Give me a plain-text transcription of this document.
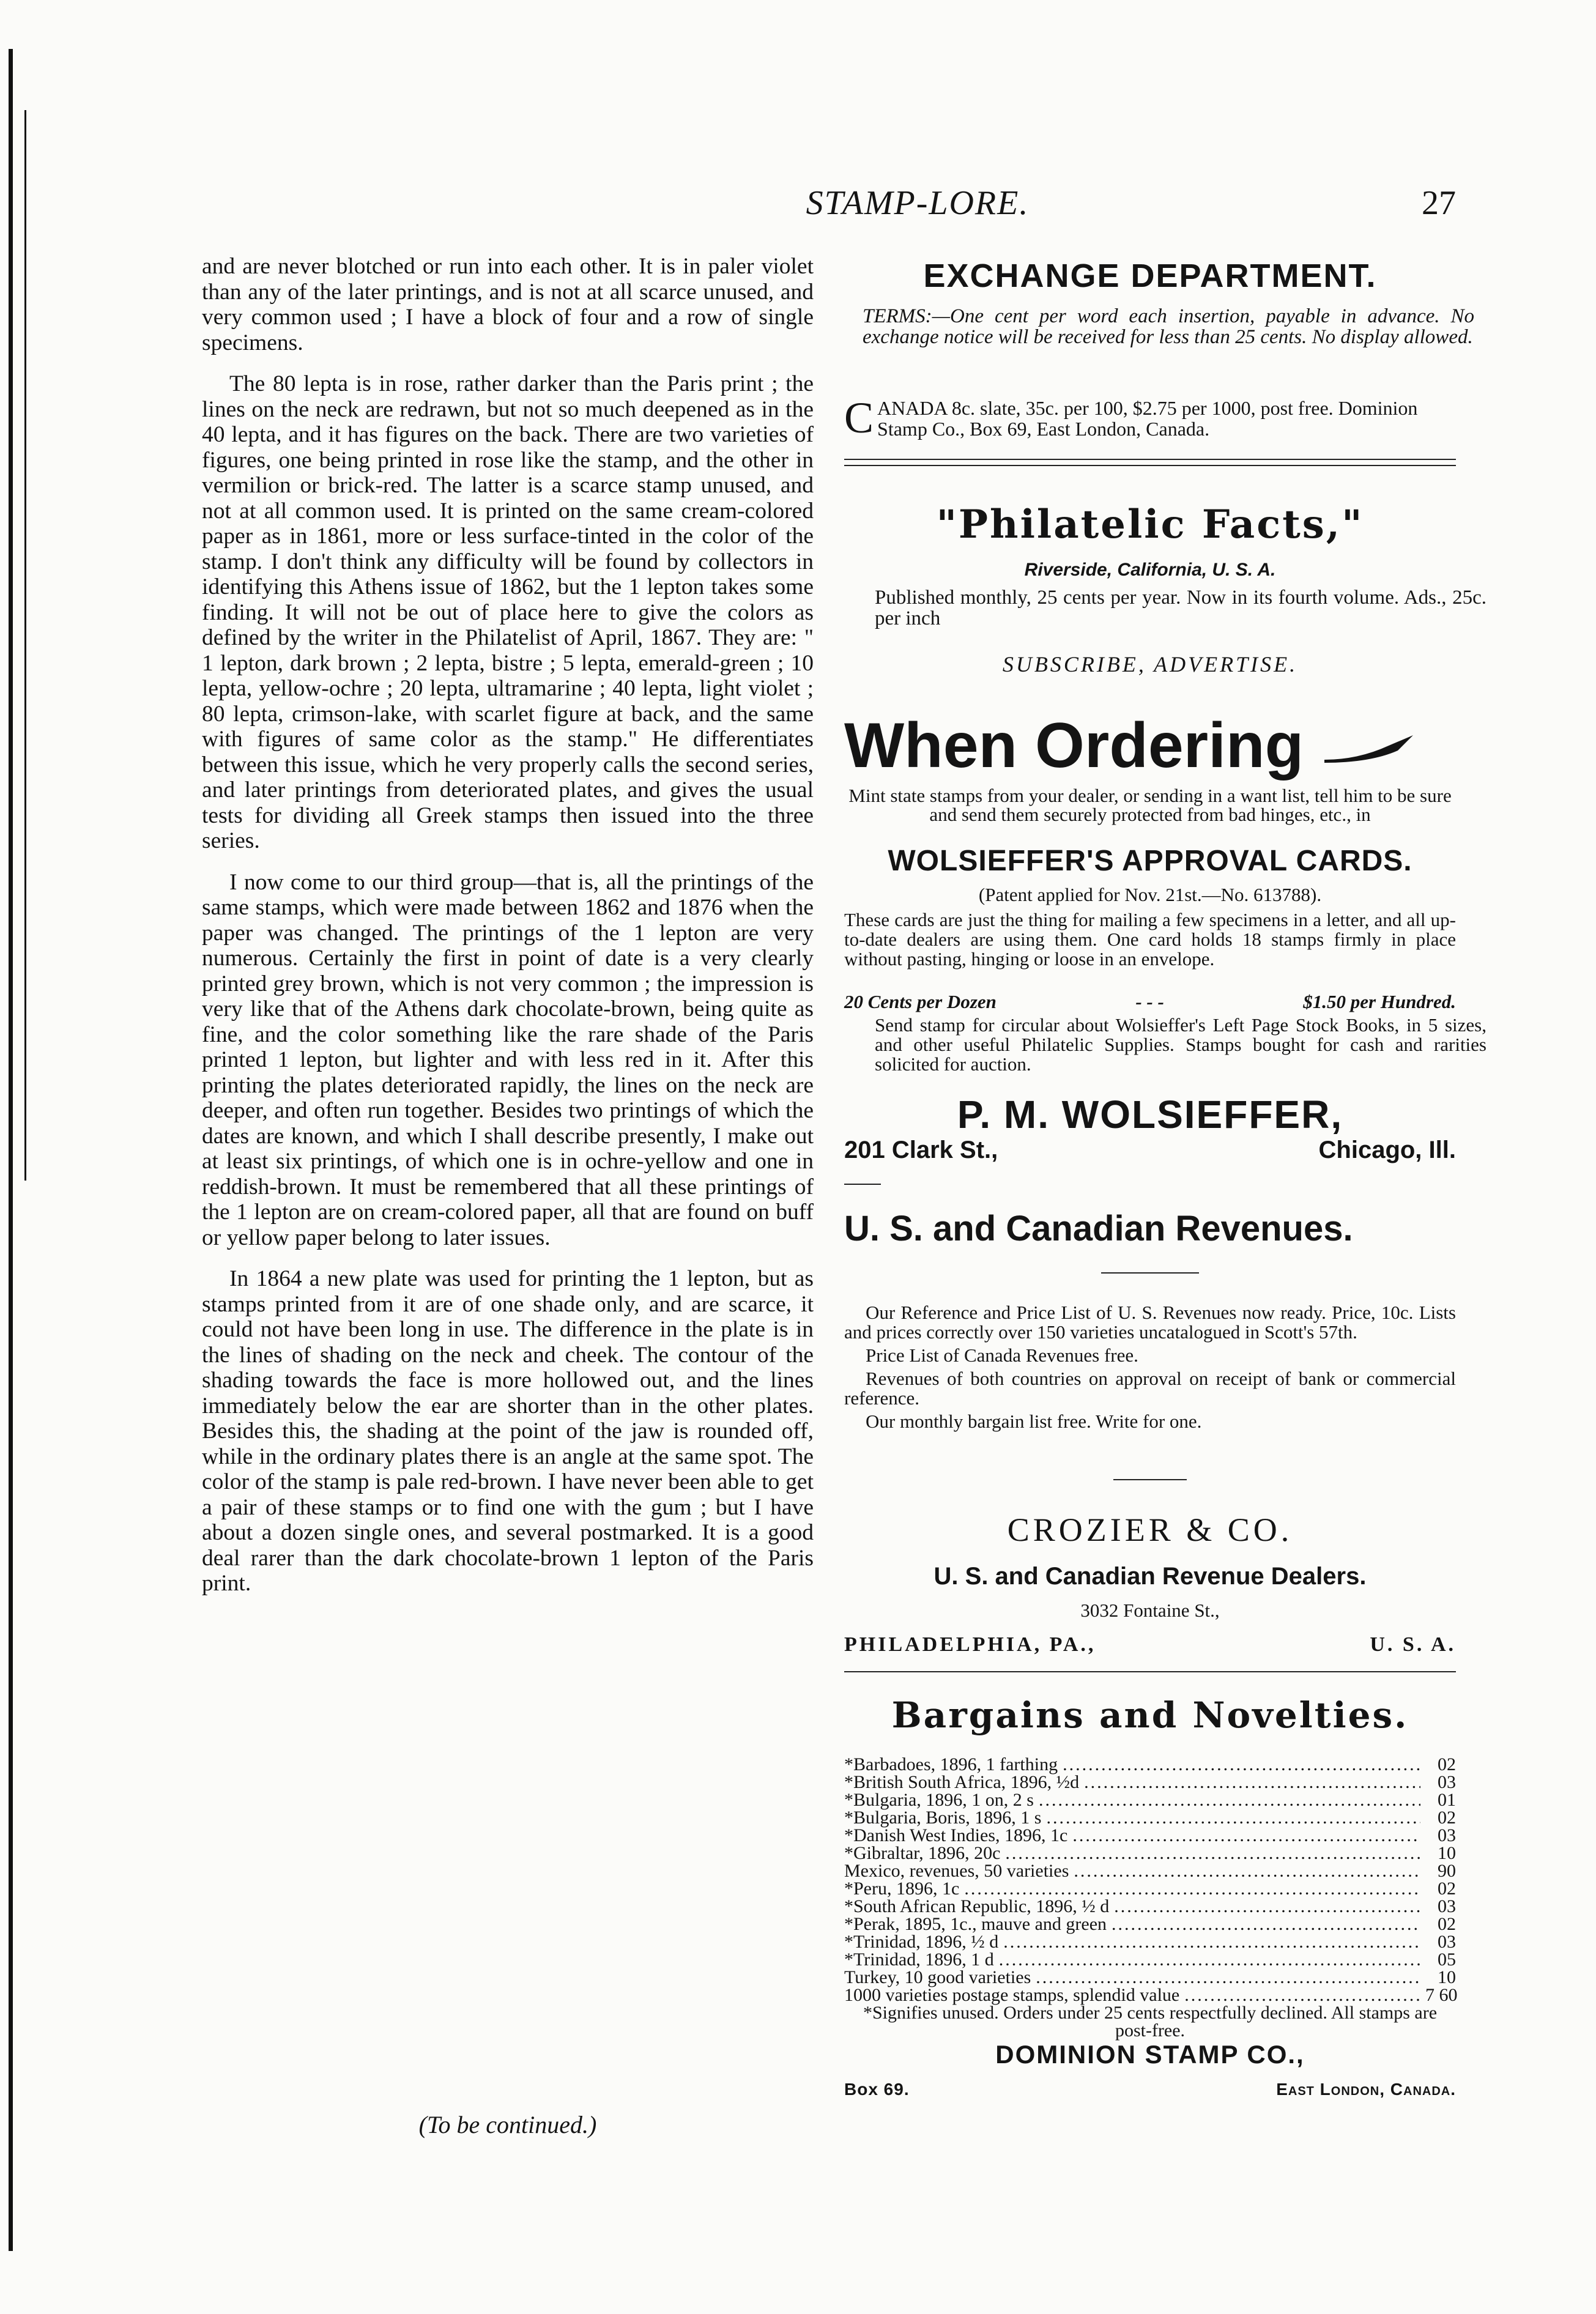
STAMP-LORE.	27

and are never blotched or run into each other. It is in paler violet than any of the later printings, and is not at all scarce unused, and very common used ; I have a block of four and a row of single specimens.

The 80 lepta is in rose, rather darker than the Paris print ; the lines on the neck are redrawn, but not so much deepened as in the 40 lepta, and it has figures on the back. There are two varieties of figures, one being printed in rose like the stamp, and the other in vermilion or brick-red. The latter is a scarce stamp unused, and not at all common used. It is printed on the same cream-colored paper as in 1861, more or less surface-tinted in the color of the stamp. I don't think any difficulty will be found by collectors in identifying this Athens issue of 1862, but the 1 lepton takes some finding. It will not be out of place here to give the colors as defined by the writer in the Philatelist of April, 1867. They are: " 1 lepton, dark brown ; 2 lepta, bistre ; 5 lepta, emerald-green ; 10 lepta, yellow-ochre ; 20 lepta, ultramarine ; 40 lepta, light violet ; 80 lepta, crimson-lake, with scarlet figure at back, and the same with figures of same color as the stamp." He differentiates between this issue, which he very properly calls the second series, and later printings from deteriorated plates, and gives the usual tests for dividing all Greek stamps then issued into the three series.

I now come to our third group—that is, all the printings of the same stamps, which were made between 1862 and 1876 when the paper was changed. The printings of the 1 lepton are very numerous. Certainly the first in point of date is a very clearly printed grey brown, which is not very common ; the impression is very like that of the Athens dark chocolate-brown, being quite as fine, and the color something like the rare shade of the Paris printed 1 lepton, but lighter and with less red in it. After this printing the plates deteriorated rapidly, the lines on the neck are deeper, and often run together. Besides two printings of which the dates are known, and which I shall describe presently, I make out at least six printings, of which one is in ochre-yellow and one in reddish-brown. It must be remembered that all these printings of the 1 lepton are on cream-colored paper, all that are found on buff or yellow paper belong to later issues.

In 1864 a new plate was used for printing the 1 lepton, but as stamps printed from it are of one shade only, and are scarce, it could not have been long in use. The difference in the plate is in the lines of shading on the neck and cheek. The contour of the shading towards the face is more hollowed out, and the lines immediately below the ear are shorter than in the other plates. Besides this, the shading at the point of the jaw is rounded off, while in the ordinary plates there is an angle at the same spot. The color of the stamp is pale red-brown. I have never been able to get a pair of these stamps or to find one with the gum ; but I have about a dozen single ones, and several postmarked. It is a good deal rarer than the dark chocolate-brown 1 lepton of the Paris print.

(To be continued.)
EXCHANGE DEPARTMENT.
TERMS:—One cent per word each insertion, payable in advance. No exchange notice will be received for less than 25 cents. No display allowed.
CANADA 8c. slate, 35c. per 100, $2.75 per 1000, post free. Dominion Stamp Co., Box 69, East London, Canada.
"Philatelic Facts,"
Riverside, California, U. S. A.
Published monthly, 25 cents per year. Now in its fourth volume. Ads., 25c. per inch
SUBSCRIBE, ADVERTISE.
When Ordering
Mint state stamps from your dealer, or sending in a want list, tell him to be sure and send them securely protected from bad hinges, etc., in
WOLSIEFFER'S APPROVAL CARDS.
(Patent applied for Nov. 21st.—No. 613788).
These cards are just the thing for mailing a few specimens in a letter, and all up-to-date dealers are using them. One card holds 18 stamps firmly in place without pasting, hinging or loose in an envelope.
20 Cents per Dozen	- - -	$1.50 per Hundred.
Send stamp for circular about Wolsieffer's Left Page Stock Books, in 5 sizes, and other useful Philatelic Supplies. Stamps bought for cash and rarities solicited for auction.
P. M. WOLSIEFFER,
201 Clark St.,	Chicago, Ill.
U. S. and Canadian Revenues.

Our Reference and Price List of U. S. Revenues now ready. Price, 10c. Lists and prices correctly over 150 varieties uncatalogued in Scott's 57th.

Price List of Canada Revenues free.

Revenues of both countries on approval on receipt of bank or commercial reference.

Our monthly bargain list free. Write for one.

CROZIER & CO.
U. S. and Canadian Revenue Dealers.
3032 Fontaine St.,
PHILADELPHIA, PA.,	U. S. A.
Bargains and Novelties.
*Barbadoes, 1896, 1 farthing .....	02
*British South Africa, 1896, ½d .....	03
*Bulgaria, 1896, 1 on, 2 s .....	01
*Bulgaria, Boris, 1896, 1 s .....	02
*Danish West Indies, 1896, 1c .....	03
*Gibraltar, 1896, 20c .....	10
Mexico, revenues, 50 varieties .....	90
*Peru, 1896, 1c .....	02
*South African Republic, 1896, ½ d .....	03
*Perak, 1895, 1c., mauve and green .....	02
*Trinidad, 1896, ½ d .....	03
*Trinidad, 1896, 1 d .....	05
Turkey, 10 good varieties .....	10
1000 varieties postage stamps, splendid value .....	7 60
*Signifies unused. Orders under 25 cents respectfully declined. All stamps are post-free.
DOMINION STAMP CO.,
Box 69.	East London, Canada.
